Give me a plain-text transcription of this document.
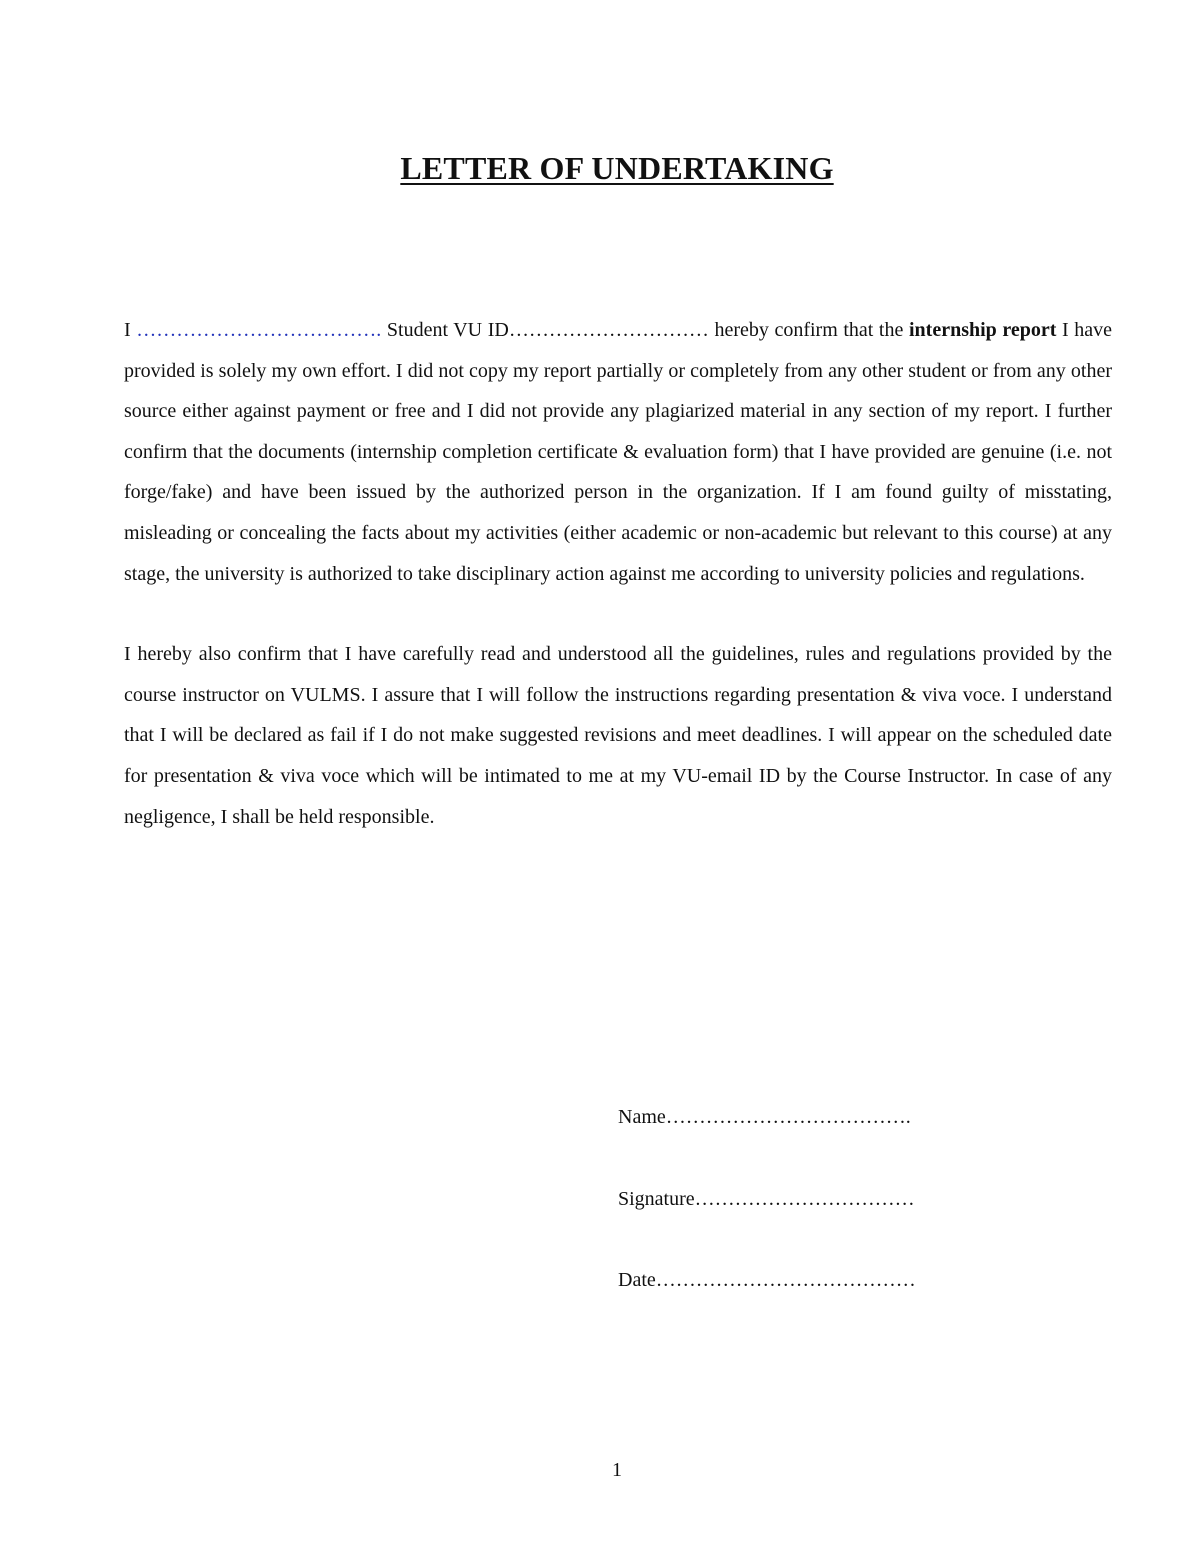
LETTER OF UNDERTAKING

I ………………………………. Student VU ID………………………… hereby confirm that the internship report I have provided is solely my own effort. I did not copy my report partially or completely from any other student or from any other source either against payment or free and I did not provide any plagiarized material in any section of my report. I further confirm that the documents (internship completion certificate & evaluation form) that I have provided are genuine (i.e. not forge/fake) and have been issued by the authorized person in the organization. If I am found guilty of misstating, misleading or concealing the facts about my activities (either academic or non-academic but relevant to this course) at any stage, the university is authorized to take disciplinary action against me according to university policies and regulations.

I hereby also confirm that I have carefully read and understood all the guidelines, rules and regulations provided by the course instructor on VULMS. I assure that I will follow the instructions regarding presentation & viva voce. I understand that I will be declared as fail if I do not make suggested revisions and meet deadlines. I will appear on the scheduled date for presentation & viva voce which will be intimated to me at my VU-email ID by the Course Instructor. In case of any negligence, I shall be held responsible.

Name……………………………….
Signature……………………………
Date…………………………………
1
